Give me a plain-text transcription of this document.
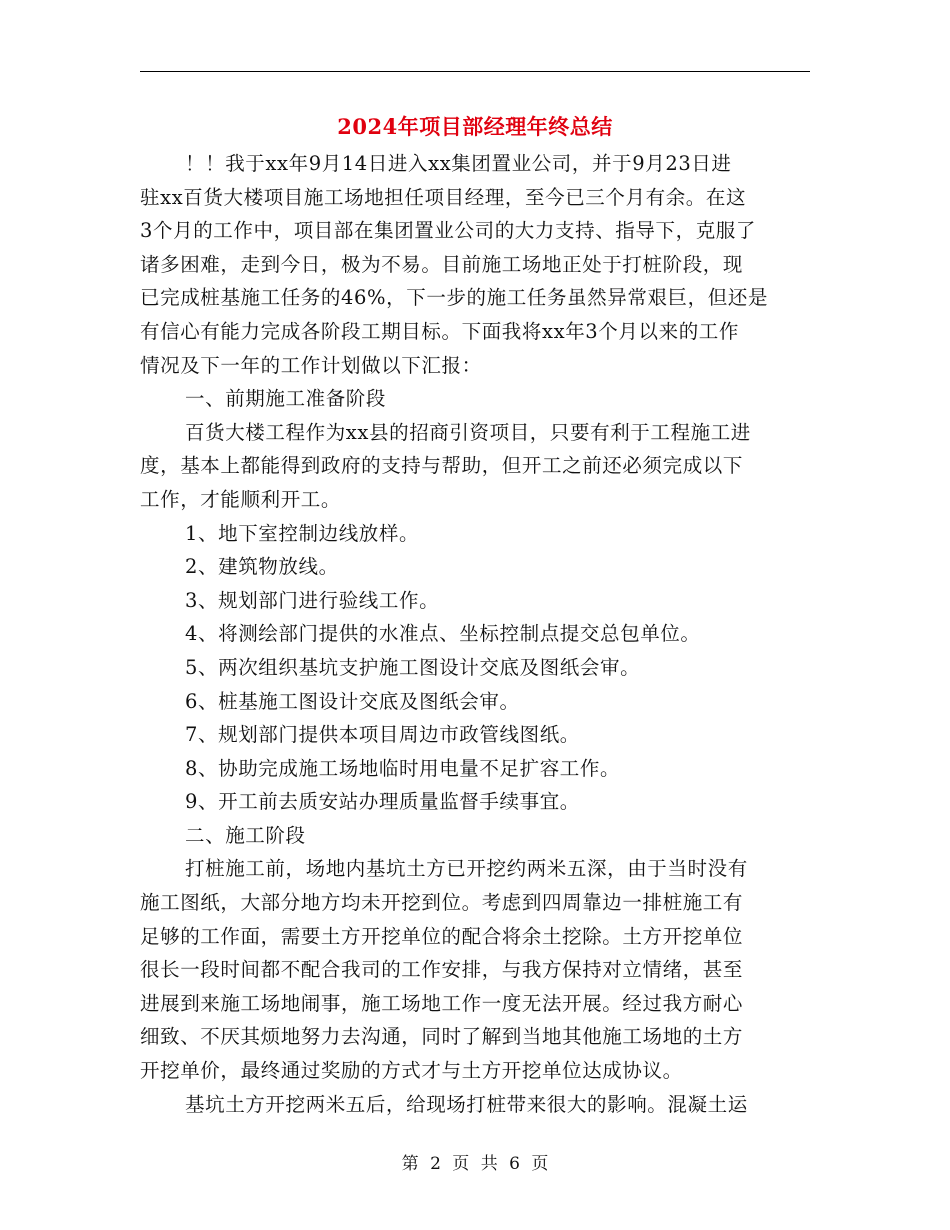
2024年项目部经理年终总结
！！我于xx年9月14日进入xx集团置业公司，并于9月23日进
驻xx百货大楼项目施工场地担任项目经理，至今已三个月有余。在这
3个月的工作中，项目部在集团置业公司的大力支持、指导下，克服了
诸多困难，走到今日，极为不易。目前施工场地正处于打桩阶段，现
已完成桩基施工任务的46%，下一步的施工任务虽然异常艰巨，但还是
有信心有能力完成各阶段工期目标。下面我将xx年3个月以来的工作
情况及下一年的工作计划做以下汇报：
一、前期施工准备阶段
百货大楼工程作为xx县的招商引资项目，只要有利于工程施工进
度，基本上都能得到政府的支持与帮助，但开工之前还必须完成以下
工作，才能顺利开工。
1、地下室控制边线放样。
2、建筑物放线。
3、规划部门进行验线工作。
4、将测绘部门提供的水准点、坐标控制点提交总包单位。
5、两次组织基坑支护施工图设计交底及图纸会审。
6、桩基施工图设计交底及图纸会审。
7、规划部门提供本项目周边市政管线图纸。
8、协助完成施工场地临时用电量不足扩容工作。
9、开工前去质安站办理质量监督手续事宜。
二、施工阶段
打桩施工前，场地内基坑土方已开挖约两米五深，由于当时没有
施工图纸，大部分地方均未开挖到位。考虑到四周靠边一排桩施工有
足够的工作面，需要土方开挖单位的配合将余土挖除。土方开挖单位
很长一段时间都不配合我司的工作安排，与我方保持对立情绪，甚至
进展到来施工场地闹事，施工场地工作一度无法开展。经过我方耐心
细致、不厌其烦地努力去沟通，同时了解到当地其他施工场地的土方
开挖单价，最终通过奖励的方式才与土方开挖单位达成协议。
基坑土方开挖两米五后，给现场打桩带来很大的影响。混凝土运
第 2 页 共 6 页
